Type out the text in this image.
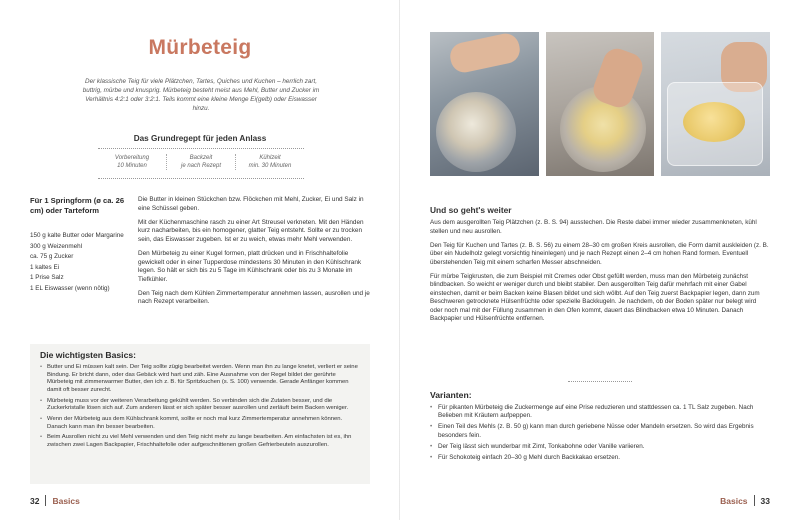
Mürbeteig

Der klassische Teig für viele Plätzchen, Tartes, Quiches und Kuchen – herrlich zart, buttrig, mürbe und knusprig. Mürbeteig besteht meist aus Mehl, Butter und Zucker im Verhältnis 4:2:1 oder 3:2:1. Teils kommt eine kleine Menge Ei(gelb) oder Eiswasser hinzu.

Das Grundregept für jeden Anlass
Vorbereitung
10 Minuten
Backzeit
je nach Rezept
Kühlzeit
min. 30 Minuten
Für 1 Springform (ø ca. 26 cm) oder Tarteform
150 g kalte Butter oder Margarine
300 g Weizenmehl
ca. 75 g Zucker
1 kaltes Ei
1 Prise Salz
1 EL Eiswasser (wenn nötig)

Die Butter in kleinen Stückchen bzw. Flöckchen mit Mehl, Zucker, Ei und Salz in eine Schüssel geben.

Mit der Küchenmaschine rasch zu einer Art Streusel verkneten. Mit den Händen kurz nacharbeiten, bis ein homogener, glatter Teig entsteht. Sollte er zu trocken sein, das Eiswasser zugeben. Ist er zu weich, etwas mehr Mehl verwenden.

Den Mürbeteig zu einer Kugel formen, platt drücken und in Frischhaltefolie gewickelt oder in einer Tupperdose mindestens 30 Minuten in den Kühlschrank legen. So hält er sich bis zu 5 Tage im Kühlschrank oder bis zu 3 Monate im Tiefkühler.

Den Teig nach dem Kühlen Zimmertemperatur annehmen lassen, ausrollen und je nach Rezept verarbeiten.

Die wichtigsten Basics:
• Butter und Ei müssen kalt sein. Der Teig sollte zügig bearbeitet werden. Wenn man ihn zu lange knetet, verliert er seine Bindung. Er bricht dann, oder das Gebäck wird hart und zäh. Eine Ausnahme von der Regel bildet der gerührte Mürbeteig mit zimmerwarmer Butter, den ich z. B. für Spritzkuchen (s. S. 100) verwende. Gerade Anfänger kommen damit oft besser zurecht.
• Mürbeteig muss vor der weiteren Verarbeitung gekühlt werden. So verbinden sich die Zutaten besser, und die Zuckerkristalle lösen sich auf. Zum anderen lässt er sich später besser ausrollen und zerläuft beim Backen weniger.
• Wenn der Mürbeteig aus dem Kühlschrank kommt, sollte er noch mal kurz Zimmertemperatur annehmen können. Danach kann man ihn besser bearbeiten.
• Beim Ausrollen nicht zu viel Mehl verwenden und den Teig nicht mehr zu lange bearbeiten. Am einfachsten ist es, ihn zwischen zwei Lagen Backpapier, Frischhaltefolie oder aufgeschnittenen großen Gefrierbeuteln auszurollen.
32 Basics
Und so geht's weiter

Aus dem ausgerollten Teig Plätzchen (z. B. S. 94) ausstechen. Die Reste dabei immer wieder zusammenkneten, kühl stellen und neu ausrollen.

Den Teig für Kuchen und Tartes (z. B. S. 56) zu einem 28–30 cm großen Kreis ausrollen, die Form damit auskleiden (z. B. über ein Nudelholz gelegt vorsichtig hineinlegen) und je nach Rezept einen 2–4 cm hohen Rand formen. Eventuell überstehenden Teig mit einem scharfen Messer abschneiden.

Für mürbe Teigkrusten, die zum Beispiel mit Cremes oder Obst gefüllt werden, muss man den Mürbeteig zunächst blindbacken. So weicht er weniger durch und bleibt stabiler. Den ausgerollten Teig dafür mehrfach mit einer Gabel einstechen, damit er beim Backen keine Blasen bildet und sich wölbt. Auf den Teig zuerst Backpapier legen, dann zum Beschweren getrocknete Hülsenfrüchte oder spezielle Backkugeln. Je nachdem, ob der Boden später nur belegt wird oder noch mal mit der Füllung zusammen in den Ofen kommt, dauert das Blindbacken etwa 10 Minuten. Danach Backpapier und Hülsenfrüchte entfernen.

Varianten:
• Für pikanten Mürbeteig die Zuckermenge auf eine Prise reduzieren und stattdessen ca. 1 TL Salz zugeben. Nach Belieben mit Kräutern aufpeppen.
• Einen Teil des Mehls (z. B. 50 g) kann man durch geriebene Nüsse oder Mandeln ersetzen. So wird das Ergebnis besonders fein.
• Der Teig lässt sich wunderbar mit Zimt, Tonkabohne oder Vanille variieren.
• Für Schokoteig einfach 20–30 g Mehl durch Backkakao ersetzen.
Basics 33
